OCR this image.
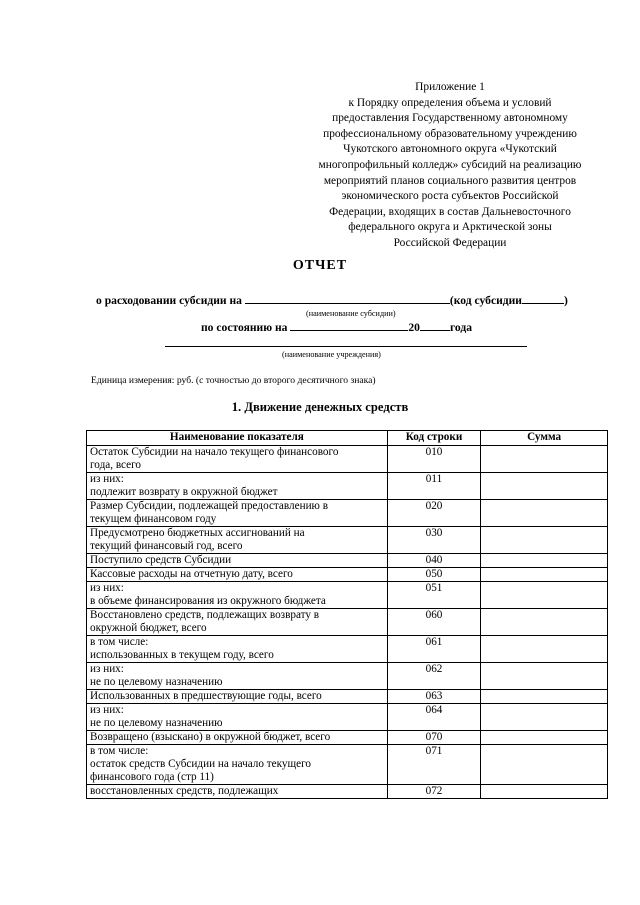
Приложение 1
к Порядку определения объема и условий
предоставления Государственному автономному
профессиональному образовательному учреждению
Чукотского автономного округа «Чукотский
многопрофильный колледж» субсидий на реализацию
мероприятий планов социального развития центров
экономического роста субъектов Российской
Федерации, входящих в состав Дальневосточного
федерального округа и Арктической зоны
Российской Федерации
ОТЧЕТ
о расходовании субсидии на	(код субсидии	)
(наименование субсидии)
по состоянию на	20	года
(наименование учреждения)
Единица измерения: руб. (с точностью до второго десятичного знака)
1. Движение денежных средств
Наименование показателя	Код строки	Сумма

Остаток Субсидии на начало текущего финансового
года, всего	010	

из них:
подлежит возврату в окружной бюджет	011	

Размер Субсидии, подлежащей предоставлению в
текущем финансовом году	020	

Предусмотрено бюджетных ассигнований на
текущий финансовый год, всего	030	

Поступило средств Субсидии	040	

Кассовые расходы на отчетную дату, всего	050	

из них:
в объеме финансирования из окружного бюджета	051	

Восстановлено средств, подлежащих возврату в
окружной бюджет, всего	060	

в том числе:
использованных в текущем году, всего	061	

из них:
не по целевому назначению	062	

Использованных в предшествующие годы, всего	063	

из них:
не по целевому назначению	064	

Возвращено (взыскано) в окружной бюджет, всего	070	

в том числе:
остаток средств Субсидии на начало текущего
финансового года (стр 11)	071	

восстановленных средств, подлежащих	072	
